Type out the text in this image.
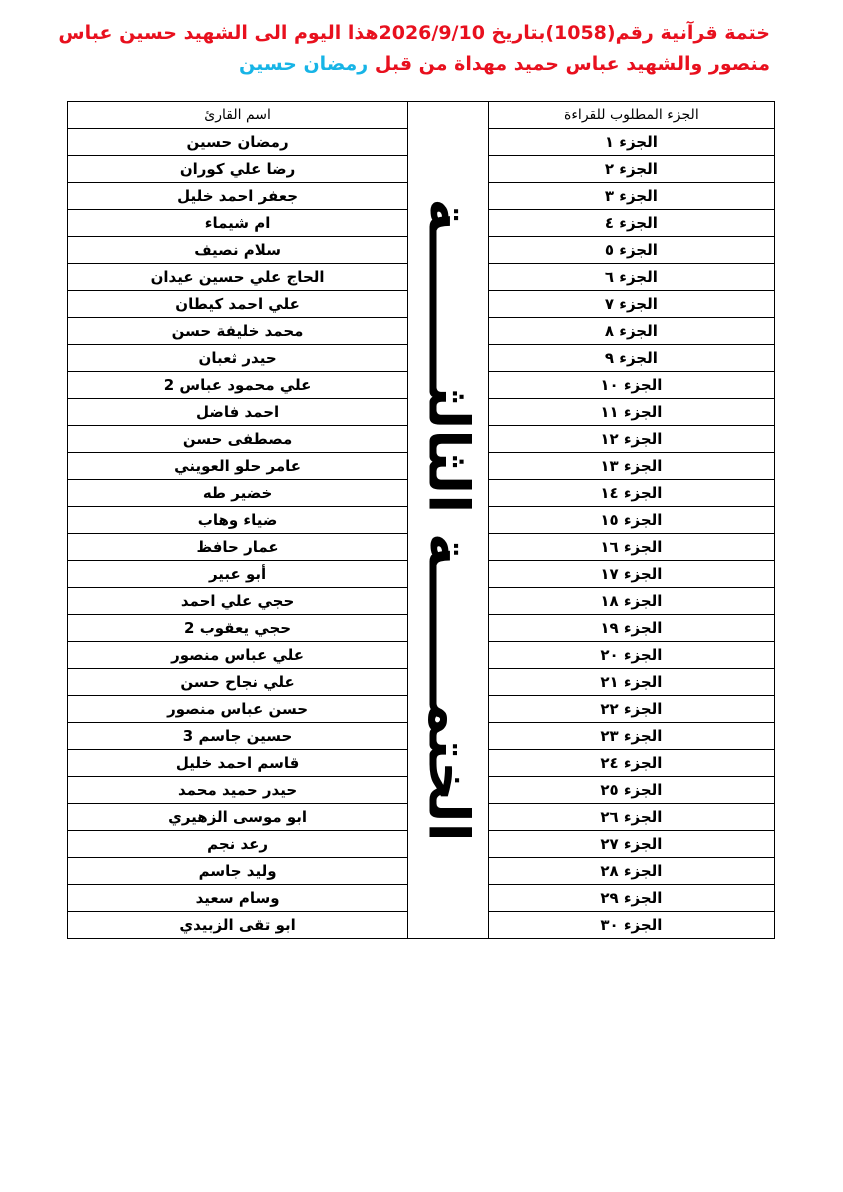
ختمة قرآنية رقم(1058)بتاريخ 2026/9/10هذا اليوم الى الشهيد حسين عباس
منصور والشهيد عباس حميد مهداة من قبل رمضان حسين
اسم القارئ	الختمـــــــة الثالثــــــــة	الجزء المطلوب للقراءة
رمضان حسين		الجزء ١
رضا علي كوران		الجزء ٢
جعفر احمد خليل		الجزء ٣
ام شيماء		الجزء ٤
سلام نصيف		الجزء ٥
الحاج علي حسين عيدان		الجزء ٦
علي احمد كيطان		الجزء ٧
محمد خليفة حسن		الجزء ٨
حيدر ثعبان		الجزء ٩
علي محمود عباس 2		الجزء ١٠
احمد فاضل		الجزء ١١
مصطفى حسن		الجزء ١٢
عامر حلو العويني		الجزء ١٣
خضير طه		الجزء ١٤
ضياء وهاب		الجزء ١٥
عمار حافظ		الجزء ١٦
أبو عبير		الجزء ١٧
حجي علي احمد		الجزء ١٨
حجي يعقوب 2		الجزء ١٩
علي عباس منصور		الجزء ٢٠
علي نجاح حسن		الجزء ٢١
حسن عباس منصور		الجزء ٢٢
حسين جاسم 3		الجزء ٢٣
قاسم احمد خليل		الجزء ٢٤
حيدر حميد محمد		الجزء ٢٥
ابو موسى الزهيري		الجزء ٢٦
رعد نجم		الجزء ٢٧
وليد جاسم		الجزء ٢٨
وسام سعيد		الجزء ٢٩
ابو تقى الزبيدي		الجزء ٣٠
